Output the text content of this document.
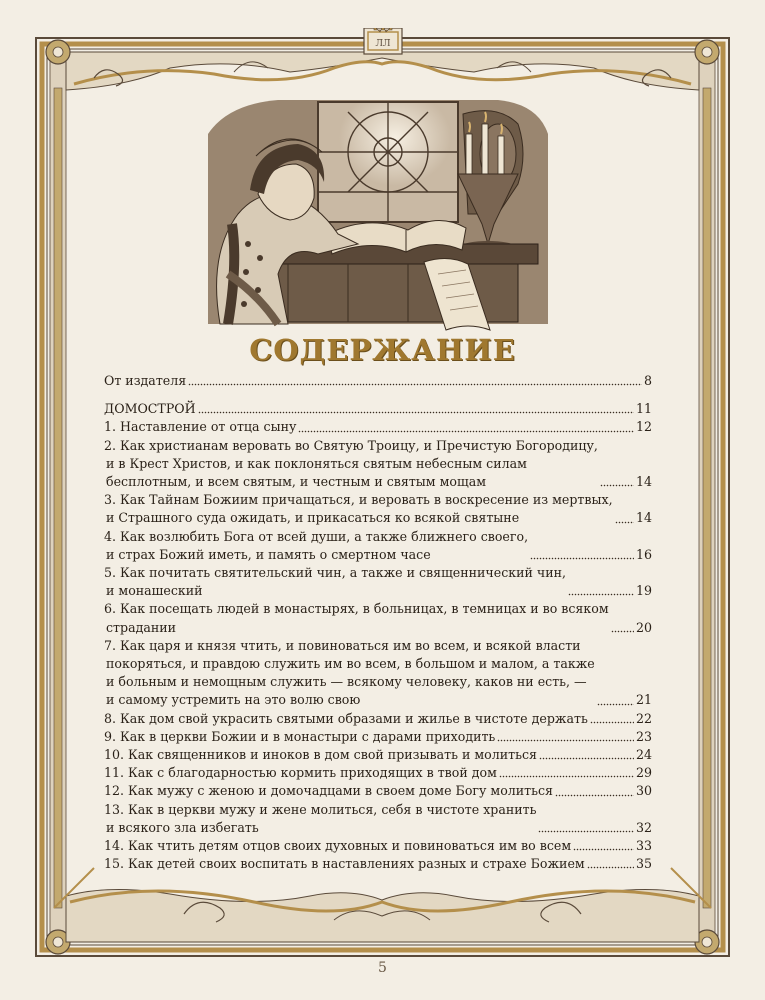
ЛЛ
СОДЕРЖАНИЕ
От издателя	8
ДОМОСТРОЙ	11
1. Наставление от отца сыну	12
2. Как христианам веровать во Святую Троицу, и Пречистую Богородицу,
и в Крест Христов, и как поклоняться святым небесным силам
бесплотным, и всем святым, и честным и святым мощам	14
3. Как Тайнам Божиим причащаться, и веровать в воскресение из мертвых,
и Страшного суда ожидать, и прикасаться ко всякой святыне	14
4. Как возлюбить Бога от всей души, а также ближнего своего,
и страх Божий иметь, и память о смертном часе	16
5. Как почитать святительский чин, а также и священнический чин,
и монашеский	19
6. Как посещать людей в монастырях, в больницах, в темницах и во всяком
страдании	20
7. Как царя и князя чтить, и повиноваться им во всем, и всякой власти
покоряться, и правдою служить им во всем, в большом и малом, а также
и больным и немощным служить — всякому человеку, каков ни есть, —
и самому устремить на это волю свою	21
8. Как дом свой украсить святыми образами и жилье в чистоте держать	22
9. Как в церкви Божии и в монастыри с дарами приходить	23
10. Как священников и иноков в дом свой призывать и молиться	24
11. Как с благодарностью кормить приходящих в твой дом	29
12. Как мужу с женою и домочадцами в своем доме Богу молиться	30
13. Как в церкви мужу и жене молиться, себя в чистоте хранить
и всякого зла избегать	32
14. Как чтить детям отцов своих духовных и повиноваться им во всем	33
15. Как детей своих воспитать в наставлениях разных и страхе Божием	35
5
